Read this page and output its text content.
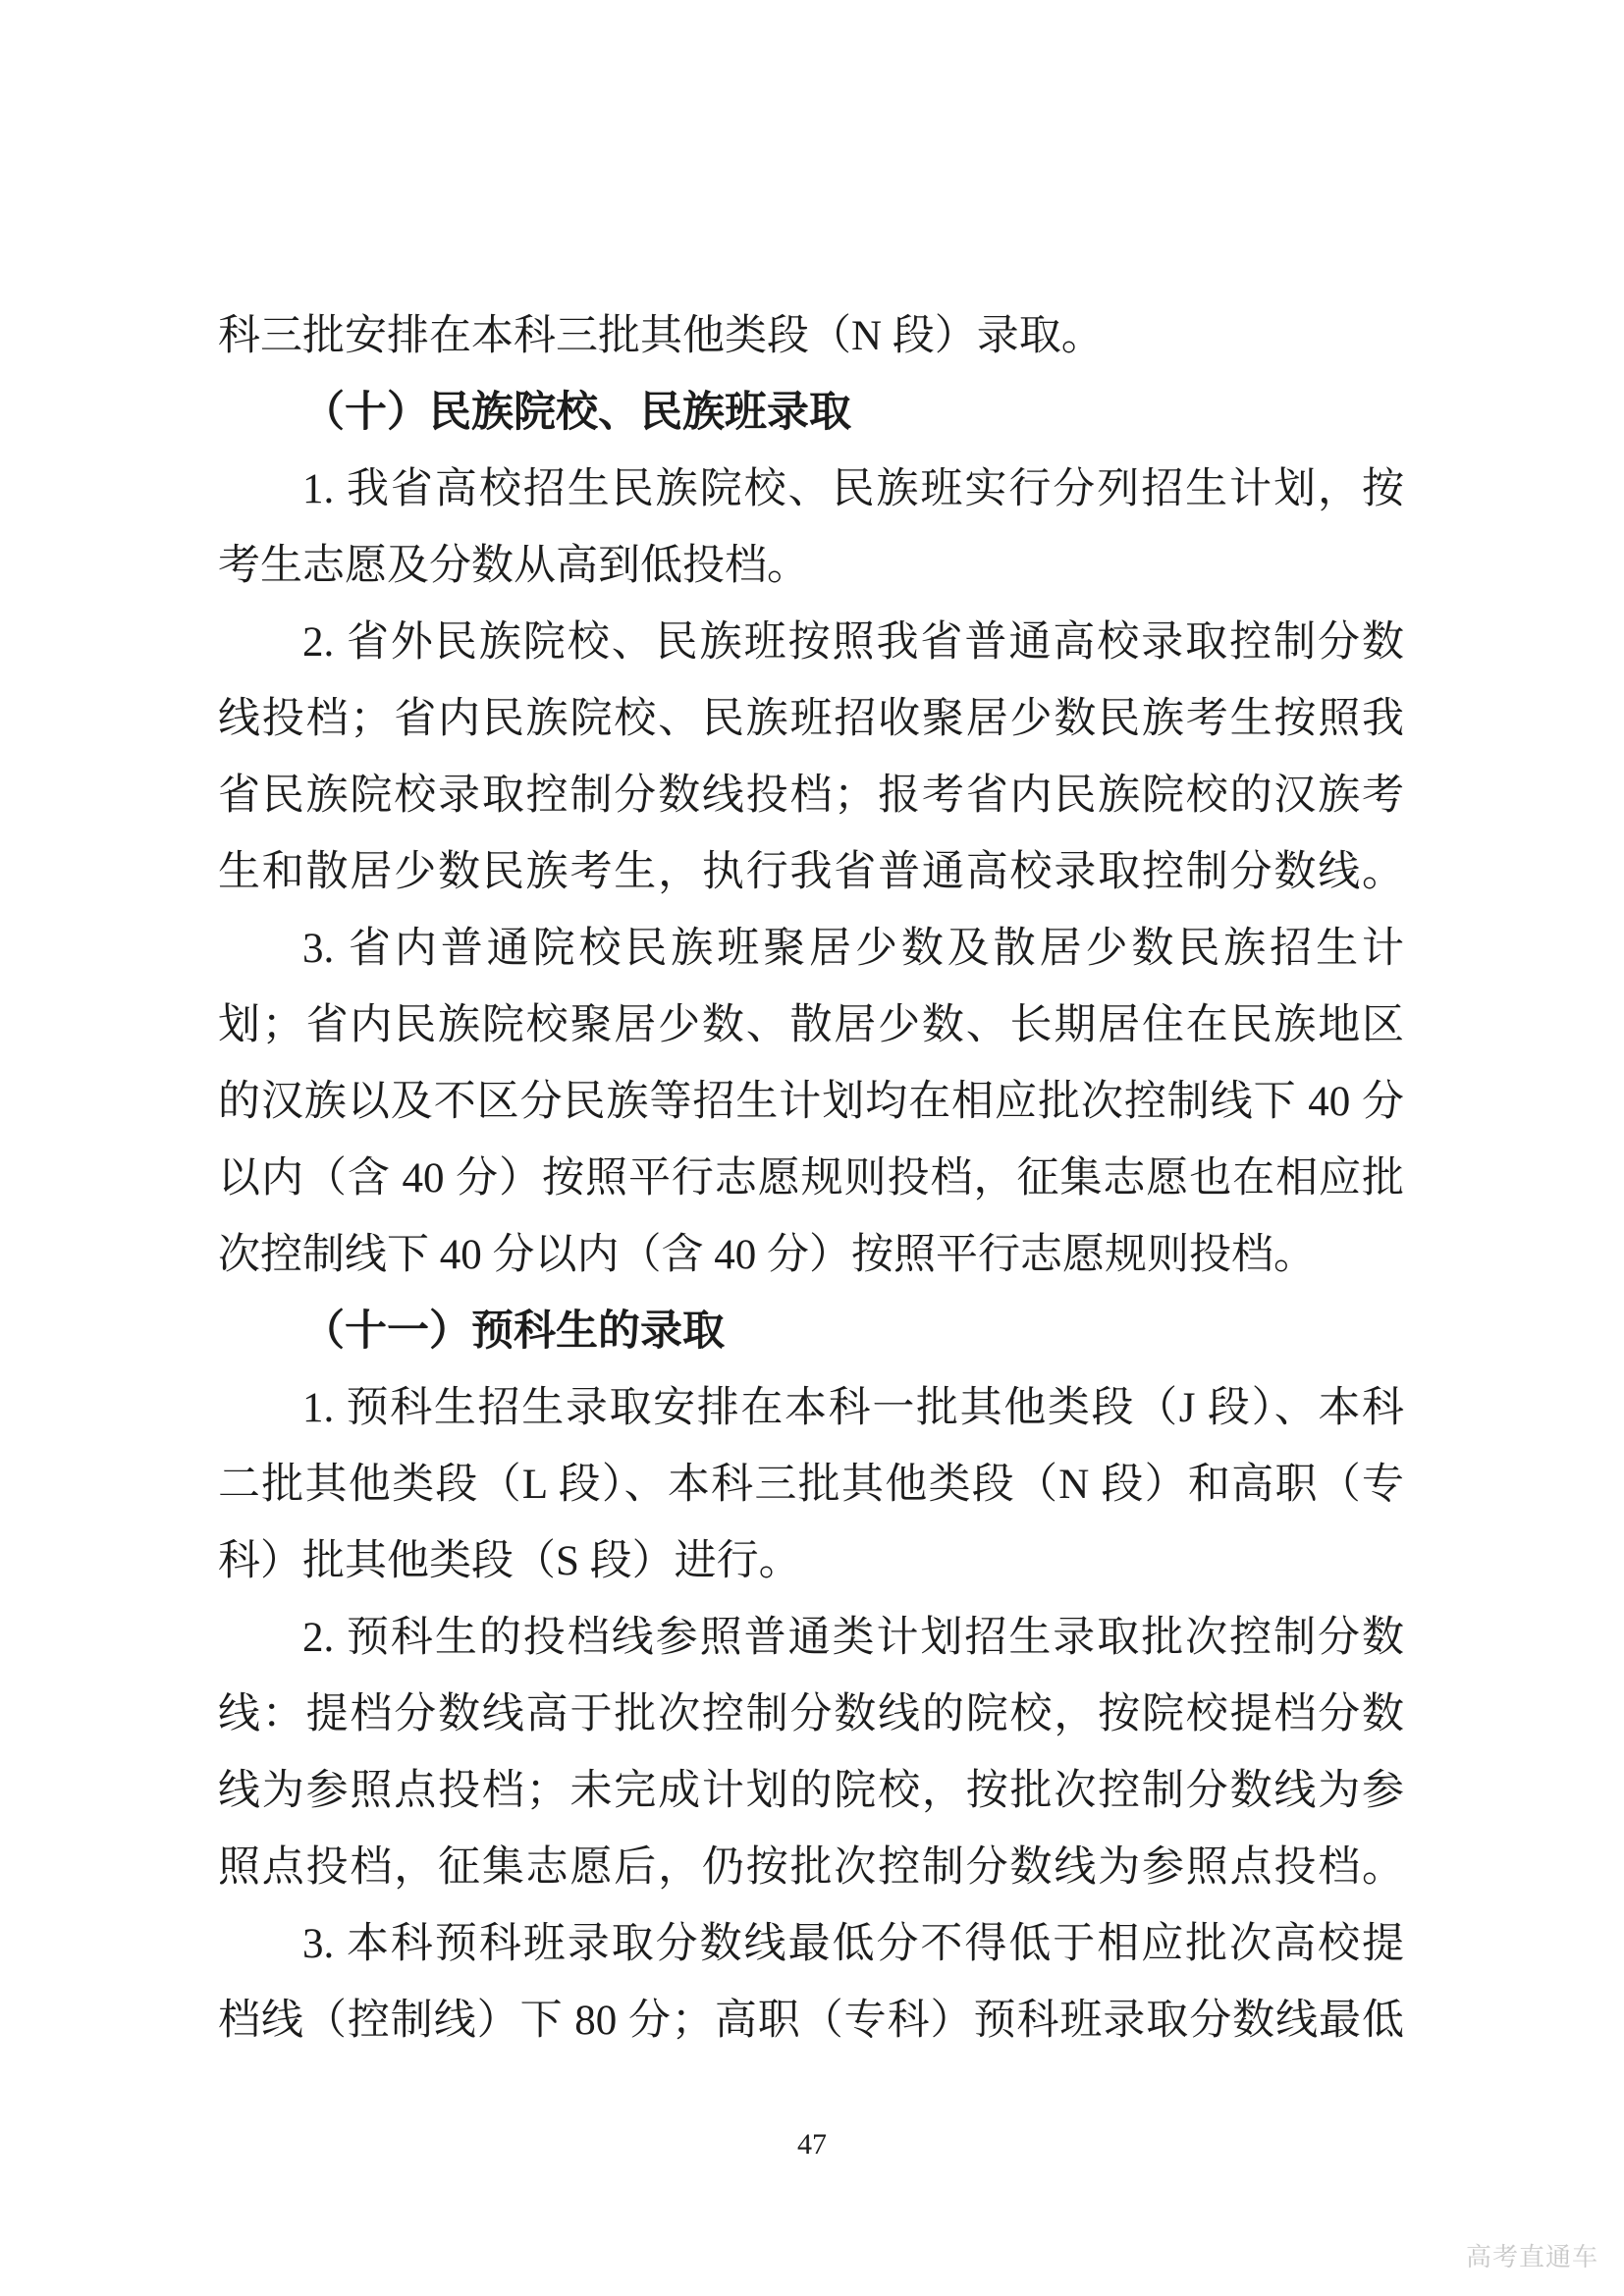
科三批安排在本科三批其他类段（N 段）录取。
（十）民族院校、民族班录取
1. 我省高校招生民族院校、民族班实行分列招生计划，按
考生志愿及分数从高到低投档。
2. 省外民族院校、民族班按照我省普通高校录取控制分数
线投档；省内民族院校、民族班招收聚居少数民族考生按照我
省民族院校录取控制分数线投档；报考省内民族院校的汉族考
生和散居少数民族考生，执行我省普通高校录取控制分数线。
3. 省内普通院校民族班聚居少数及散居少数民族招生计
划；省内民族院校聚居少数、散居少数、长期居住在民族地区
的汉族以及不区分民族等招生计划均在相应批次控制线下 40 分
以内（含 40 分）按照平行志愿规则投档，征集志愿也在相应批
次控制线下 40 分以内（含 40 分）按照平行志愿规则投档。
（十一）预科生的录取
1. 预科生招生录取安排在本科一批其他类段（J 段）、本科
二批其他类段（L 段）、本科三批其他类段（N 段）和高职（专
科）批其他类段（S 段）进行。
2. 预科生的投档线参照普通类计划招生录取批次控制分数
线：提档分数线高于批次控制分数线的院校，按院校提档分数
线为参照点投档；未完成计划的院校，按批次控制分数线为参
照点投档，征集志愿后，仍按批次控制分数线为参照点投档。
3. 本科预科班录取分数线最低分不得低于相应批次高校提
档线（控制线）下 80 分；高职（专科）预科班录取分数线最低
47
高考直通车
